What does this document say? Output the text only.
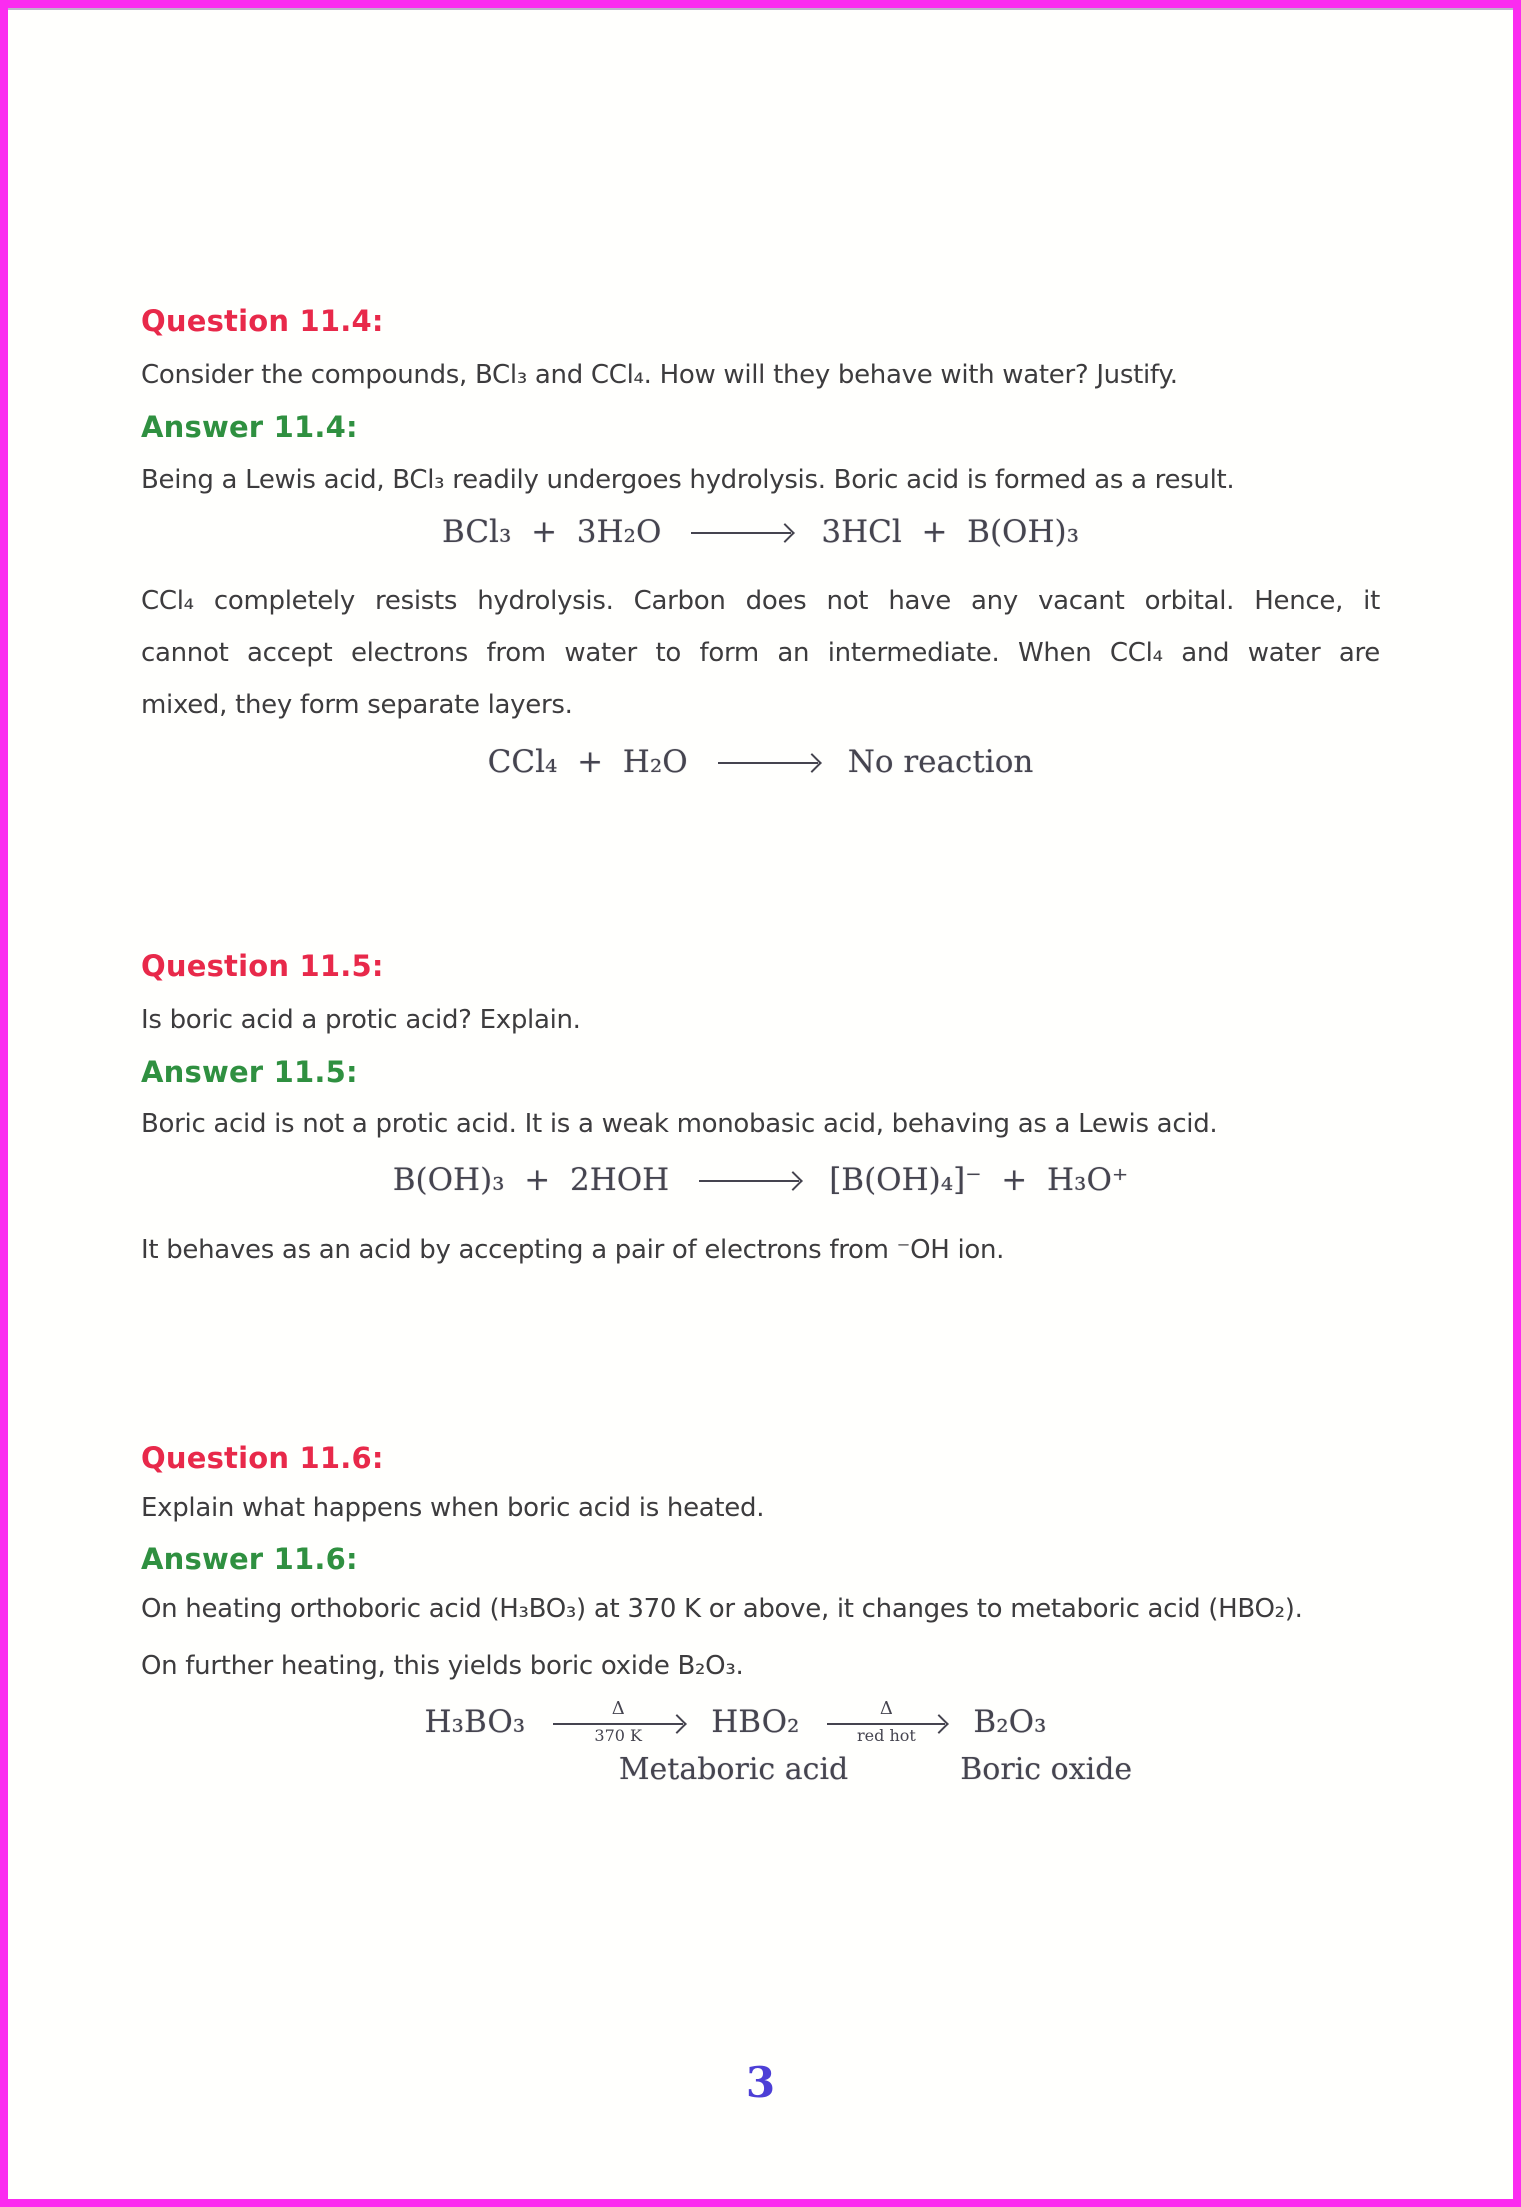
Question 11.4:
Consider the compounds, BCl₃ and CCl₄. How will they behave with water? Justify.
Answer 11.4:
Being a Lewis acid, BCl₃ readily undergoes hydrolysis. Boric acid is formed as a result.
BCl₃  +  3H₂O	3HCl  +  B(OH)₃
CCl₄ completely resists hydrolysis. Carbon does not have any vacant orbital. Hence, it
cannot accept electrons from water to form an intermediate. When CCl₄ and water are
mixed, they form separate layers.
CCl₄  +  H₂O	No reaction
Question 11.5:
Is boric acid a protic acid? Explain.
Answer 11.5:
Boric acid is not a protic acid. It is a weak monobasic acid, behaving as a Lewis acid.
B(OH)₃  +  2HOH	[B(OH)₄]⁻  +  H₃O⁺
It behaves as an acid by accepting a pair of electrons from ⁻OH ion.
Question 11.6:
Explain what happens when boric acid is heated.
Answer 11.6:
On heating orthoboric acid (H₃BO₃) at 370 K or above, it changes to metaboric acid (HBO₂).
On further heating, this yields boric oxide B₂O₃.
H₃BO₃	Δ
370 K HBO₂	Δ
red hot B₂O₃
Metaboric acid	Boric oxide
3
